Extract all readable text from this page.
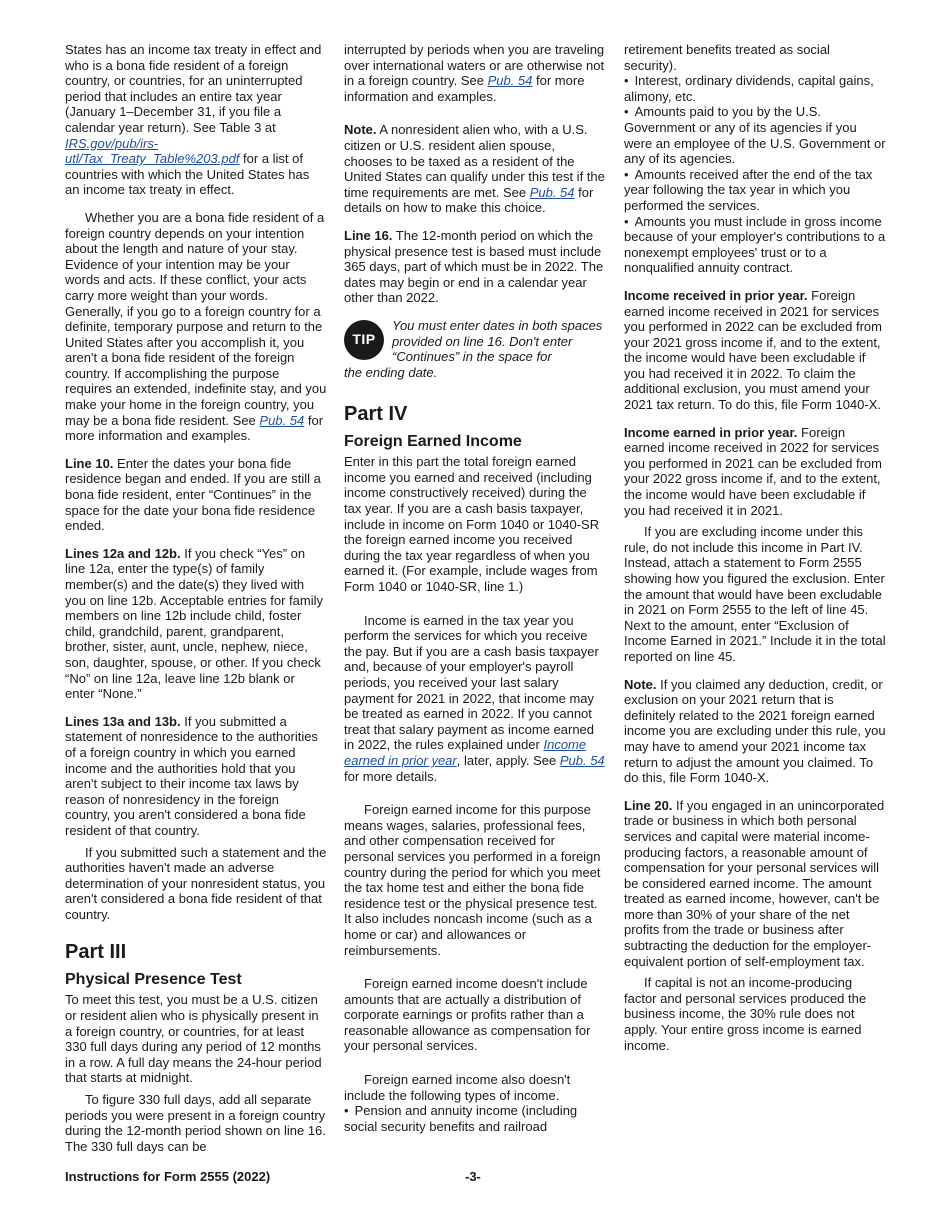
States has an income tax treaty in effect and who is a bona fide resident of a foreign country, or countries, for an uninterrupted period that includes an entire tax year (January 1–December 31, if you file a calendar year return). See Table 3 at IRS.gov/pub/irs-utl/Tax_Treaty_Table%203.pdf for a list of countries with which the United States has an income tax treaty in effect.

Whether you are a bona fide resident of a foreign country depends on your intention about the length and nature of your stay. Evidence of your intention may be your words and acts. If these conflict, your acts carry more weight than your words. Generally, if you go to a foreign country for a definite, temporary purpose and return to the United States after you accomplish it, you aren't a bona fide resident of the foreign country. If accomplishing the purpose requires an extended, indefinite stay, and you make your home in the foreign country, you may be a bona fide resident. See Pub. 54 for more information and examples.

Line 10. Enter the dates your bona fide residence began and ended. If you are still a bona fide resident, enter “Continues” in the space for the date your bona fide residence ended.

Lines 12a and 12b. If you check “Yes” on line 12a, enter the type(s) of family member(s) and the date(s) they lived with you on line 12b. Acceptable entries for family members on line 12b include child, foster child, grandchild, parent, grandparent, brother, sister, aunt, uncle, nephew, niece, son, daughter, spouse, or other. If you check “No” on line 12a, leave line 12b blank or enter “None.”

Lines 13a and 13b. If you submitted a statement of nonresidence to the authorities of a foreign country in which you earned income and the authorities hold that you aren't subject to their income tax laws by reason of nonresidency in the foreign country, you aren't considered a bona fide resident of that country.

If you submitted such a statement and the authorities haven't made an adverse determination of your nonresident status, you aren't considered a bona fide resident of that country.

Part III
Physical Presence Test

To meet this test, you must be a U.S. citizen or resident alien who is physically present in a foreign country, or countries, for at least 330 full days during any period of 12 months in a row. A full day means the 24-hour period that starts at midnight.

To figure 330 full days, add all separate periods you were present in a foreign country during the 12-month period shown on line 16. The 330 full days can be

interrupted by periods when you are traveling over international waters or are otherwise not in a foreign country. See Pub. 54 for more information and examples.

Note. A nonresident alien who, with a U.S. citizen or U.S. resident alien spouse, chooses to be taxed as a resident of the United States can qualify under this test if the time requirements are met. See Pub. 54 for details on how to make this choice.

Line 16. The 12-month period on which the physical presence test is based must include 365 days, part of which must be in 2022. The dates may begin or end in a calendar year other than 2022.

TIP
You must enter dates in both spaces provided on line 16. Don't enter “Continues” in the space for
the ending date.
Part IV
Foreign Earned Income

Enter in this part the total foreign earned income you earned and received (including income constructively received) during the tax year. If you are a cash basis taxpayer, include in income on Form 1040 or 1040-SR the foreign earned income you received during the tax year regardless of when you earned it. (For example, include wages from Form 1040 or 1040-SR, line 1.)

Income is earned in the tax year you perform the services for which you receive the pay. But if you are a cash basis taxpayer and, because of your employer's payroll periods, you received your last salary payment for 2021 in 2022, that income may be treated as earned in 2022. If you cannot treat that salary payment as income earned in 2022, the rules explained under Income earned in prior year, later, apply. See Pub. 54 for more details.

Foreign earned income for this purpose means wages, salaries, professional fees, and other compensation received for personal services you performed in a foreign country during the period for which you meet the tax home test and either the bona fide residence test or the physical presence test. It also includes noncash income (such as a home or car) and allowances or reimbursements.

Foreign earned income doesn't include amounts that are actually a distribution of corporate earnings or profits rather than a reasonable allowance as compensation for your personal services.

Foreign earned income also doesn't include the following types of income.

• Pension and annuity income (including social security benefits and railroad

retirement benefits treated as social security).

• Interest, ordinary dividends, capital gains, alimony, etc.

• Amounts paid to you by the U.S. Government or any of its agencies if you were an employee of the U.S. Government or any of its agencies.

• Amounts received after the end of the tax year following the tax year in which you performed the services.

• Amounts you must include in gross income because of your employer's contributions to a nonexempt employees' trust or to a nonqualified annuity contract.

Income received in prior year. Foreign earned income received in 2021 for services you performed in 2022 can be excluded from your 2021 gross income if, and to the extent, the income would have been excludable if you had received it in 2022. To claim the additional exclusion, you must amend your 2021 tax return. To do this, file Form 1040-X.

Income earned in prior year. Foreign earned income received in 2022 for services you performed in 2021 can be excluded from your 2022 gross income if, and to the extent, the income would have been excludable if you had received it in 2021.

If you are excluding income under this rule, do not include this income in Part IV. Instead, attach a statement to Form 2555 showing how you figured the exclusion. Enter the amount that would have been excludable in 2021 on Form 2555 to the left of line 45. Next to the amount, enter “Exclusion of Income Earned in 2021.” Include it in the total reported on line 45.

Note. If you claimed any deduction, credit, or exclusion on your 2021 return that is definitely related to the 2021 foreign earned income you are excluding under this rule, you may have to amend your 2021 income tax return to adjust the amount you claimed. To do this, file Form 1040-X.

Line 20. If you engaged in an unincorporated trade or business in which both personal services and capital were material income-producing factors, a reasonable amount of compensation for your personal services will be considered earned income. The amount treated as earned income, however, can't be more than 30% of your share of the net profits from the trade or business after subtracting the deduction for the employer-equivalent portion of self-employment tax.

If capital is not an income-producing factor and personal services produced the business income, the 30% rule does not apply. Your entire gross income is earned income.

Instructions for Form 2555 (2022)	-3-
